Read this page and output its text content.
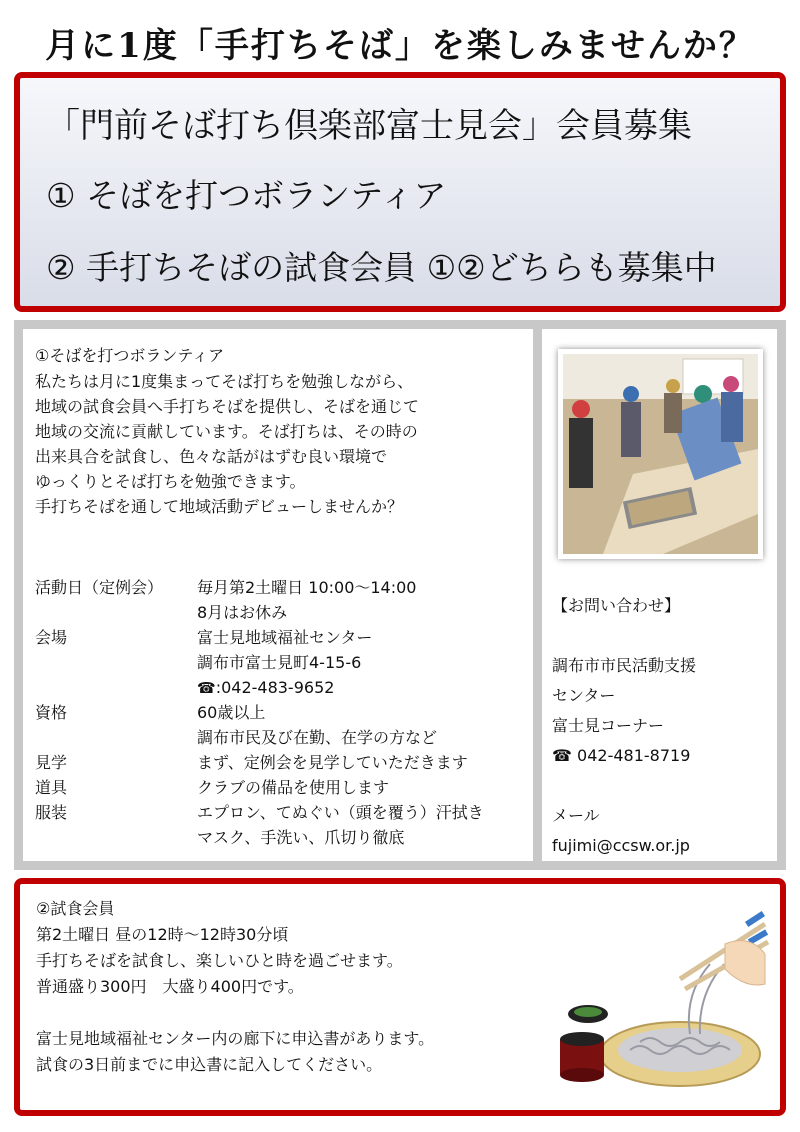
月に1度「手打ちそば」を楽しみませんか？
「門前そば打ち倶楽部富士見会」会員募集
① そばを打つボランティア
② 手打ちそばの試食会員 ①②どちらも募集中
①そばを打つボランティア
私たちは月に1度集まってそば打ちを勉強しながら、
地域の試食会員へ手打ちそばを提供し、そばを通じて
地域の交流に貢献しています。そば打ちは、その時の
出来具合を試食し、色々な話がはずむ良い環境で
ゆっくりとそば打ちを勉強できます。
手打ちそばを通して地域活動デビューしませんか？
活動日（定例会） 毎月第2土曜日 10:00～14:00
8月はお休み
会場	富士見地域福祉センター
調布市富士見町4-15-6
☎:042-483-9652
資格	60歳以上
調布市民及び在勤、在学の方など
見学	まず、定例会を見学していただきます
道具	クラブの備品を使用します
服装	エプロン、てぬぐい（頭を覆う）汗拭き
マスク、手洗い、爪切り徹底
【お問い合わせ】
調布市市民活動支援
センター
富士見コーナー
☎ 042-481-8719
メール
fujimi@ccsw.or.jp
②試食会員
第2土曜日 昼の12時～12時30分頃
手打ちそばを試食し、楽しいひと時を過ごせます。
普通盛り300円　大盛り400円です。
富士見地域福祉センター内の廊下に申込書があります。
試食の3日前までに申込書に記入してください。
